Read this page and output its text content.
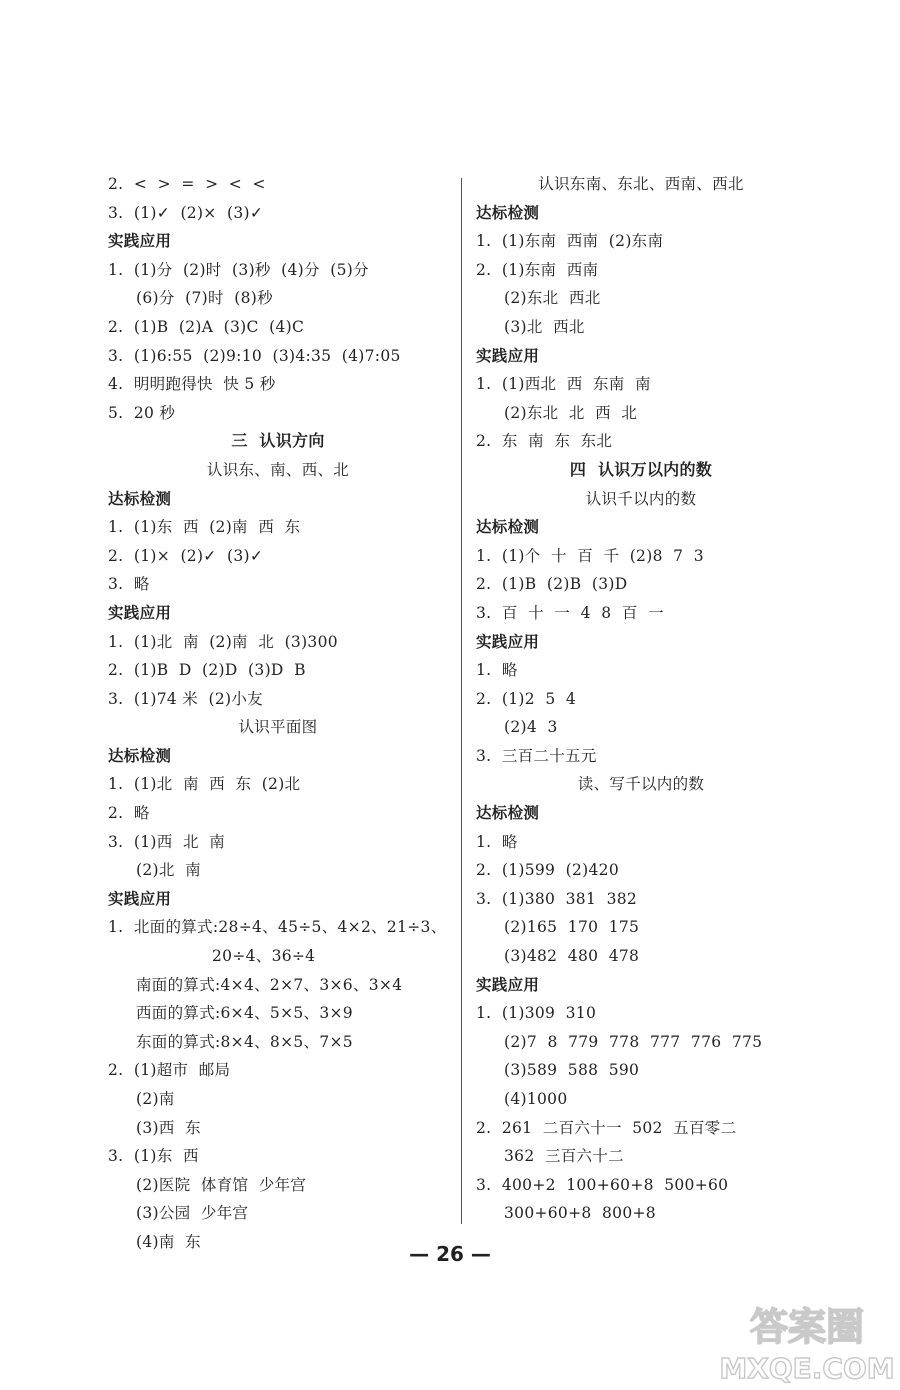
2.  <  >  =  >  <  <
3.  (1)✓  (2)×  (3)✓
实践应用
1.  (1)分  (2)时  (3)秒  (4)分  (5)分
(6)分  (7)时  (8)秒
2.  (1)B  (2)A  (3)C  (4)C
3.  (1)6:55  (2)9:10  (3)4:35  (4)7:05
4.  明明跑得快  快 5 秒
5.  20 秒
三  认识方向
认识东、南、西、北
达标检测
1.  (1)东  西  (2)南  西  东
2.  (1)×  (2)✓  (3)✓
3.  略
实践应用
1.  (1)北  南  (2)南  北  (3)300
2.  (1)B  D  (2)D  (3)D  B
3.  (1)74 米  (2)小友
认识平面图
达标检测
1.  (1)北  南  西  东  (2)北
2.  略
3.  (1)西  北  南
(2)北  南
实践应用
1.  北面的算式:28÷4、45÷5、4×2、21÷3、
20÷4、36÷4
南面的算式:4×4、2×7、3×6、3×4
西面的算式:6×4、5×5、3×9
东面的算式:8×4、8×5、7×5
2.  (1)超市  邮局
(2)南
(3)西  东
3.  (1)东  西
(2)医院  体育馆  少年宫
(3)公园  少年宫
(4)南  东
认识东南、东北、西南、西北
达标检测
1.  (1)东南  西南  (2)东南
2.  (1)东南  西南
(2)东北  西北
(3)北  西北
实践应用
1.  (1)西北  西  东南  南
(2)东北  北  西  北
2.  东  南  东  东北
四  认识万以内的数
认识千以内的数
达标检测
1.  (1)个  十  百  千  (2)8  7  3
2.  (1)B  (2)B  (3)D
3.  百  十  一  4  8  百  一
实践应用
1.  略
2.  (1)2  5  4
(2)4  3
3.  三百二十五元
读、写千以内的数
达标检测
1.  略
2.  (1)599  (2)420
3.  (1)380  381  382
(2)165  170  175
(3)482  480  478
实践应用
1.  (1)309  310
(2)7  8  779  778  777  776  775
(3)589  588  590
(4)1000
2.  261  二百六十一  502  五百零二
362  三百六十二
3.  400+2  100+60+8  500+60
300+60+8  800+8
— 26 —
答案圈
MXQE.COM
